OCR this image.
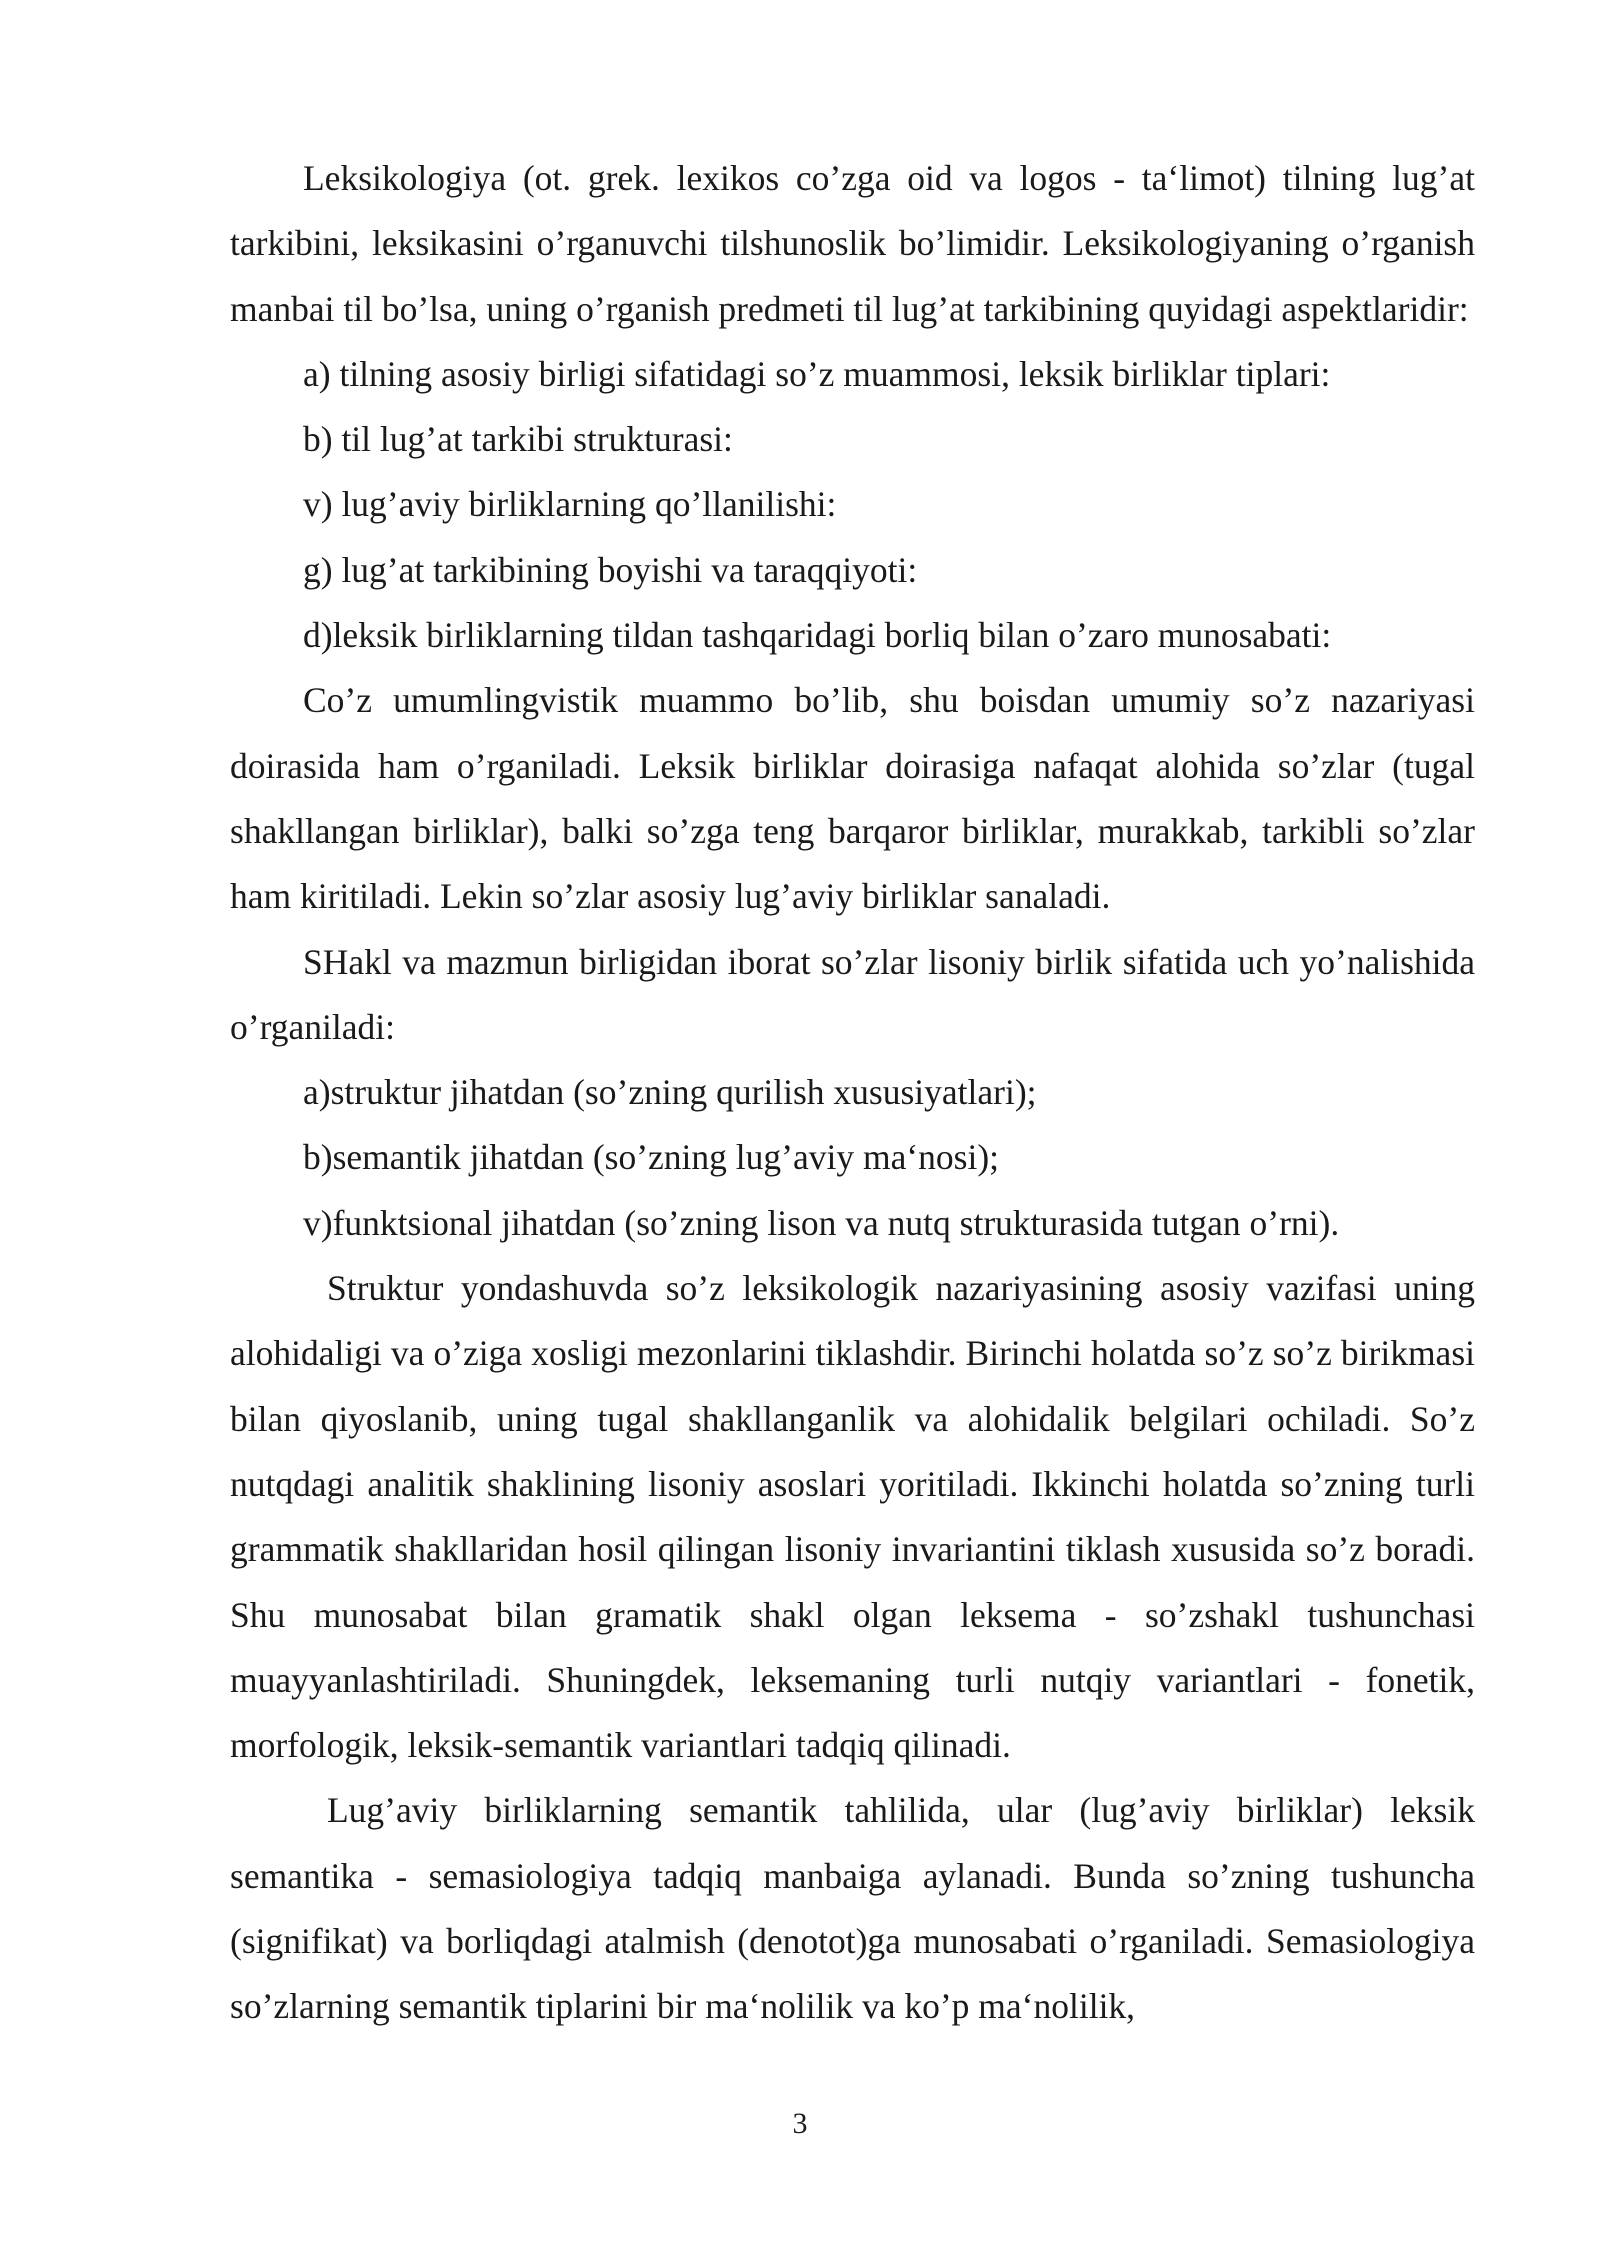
Leksikologiya (ot. grek. lexikos co’zga oid va logos - ta‘limot) tilning lug’at tarkibini, leksikasini o’rganuvchi tilshunoslik bo’limidir. Leksikologiyaning o’rganish manbai til bo’lsa, uning o’rganish predmeti til lug’at tarkibining quyidagi aspektlaridir:

a) tilning asosiy birligi sifatidagi so’z muammosi, leksik birliklar tiplari:

b) til lug’at tarkibi strukturasi:

v) lug’aviy birliklarning qo’llanilishi:

g) lug’at tarkibining boyishi va taraqqiyoti:

d)leksik birliklarning tildan tashqaridagi borliq bilan o’zaro munosabati:

Co’z umumlingvistik muammo bo’lib, shu boisdan umumiy so’z nazariyasi doirasida ham o’rganiladi. Leksik birliklar doirasiga nafaqat alohida so’zlar (tugal shakllangan birliklar), balki so’zga teng barqaror birliklar, murakkab, tarkibli so’zlar ham kiritiladi. Lekin so’zlar asosiy lug’aviy birliklar sanaladi.

SHakl va mazmun birligidan iborat so’zlar lisoniy birlik sifatida uch yo’nalishida o’rganiladi:

a)struktur jihatdan (so’zning qurilish xususiyatlari);

b)semantik jihatdan (so’zning lug’aviy ma‘nosi);

v)funktsional jihatdan (so’zning lison va nutq strukturasida tutgan o’rni).

Struktur yondashuvda so’z leksikologik nazariyasining asosiy vazifasi uning alohidaligi va o’ziga xosligi mezonlarini tiklashdir. Birinchi holatda so’z so’z birikmasi bilan qiyoslanib, uning tugal shakllanganlik va alohidalik belgilari ochiladi. So’z nutqdagi analitik shaklining lisoniy asoslari yoritiladi. Ikkinchi holatda so’zning turli grammatik shakllaridan hosil qilingan lisoniy invariantini tiklash xususida so’z boradi. Shu munosabat bilan gramatik shakl olgan leksema - so’zshakl tushunchasi muayyanlashtiriladi. Shuningdek, leksemaning turli nutqiy variantlari - fonetik, morfologik, leksik-semantik variantlari tadqiq qilinadi.

Lug’aviy birliklarning semantik tahlilida, ular (lug’aviy birliklar) leksik semantika - semasiologiya tadqiq manbaiga aylanadi. Bunda so’zning tushuncha (signifikat) va borliqdagi atalmish (denotot)ga munosabati o’rganiladi. Semasiologiya so’zlarning semantik tiplarini bir ma‘nolilik va ko’p ma‘nolilik,

3
